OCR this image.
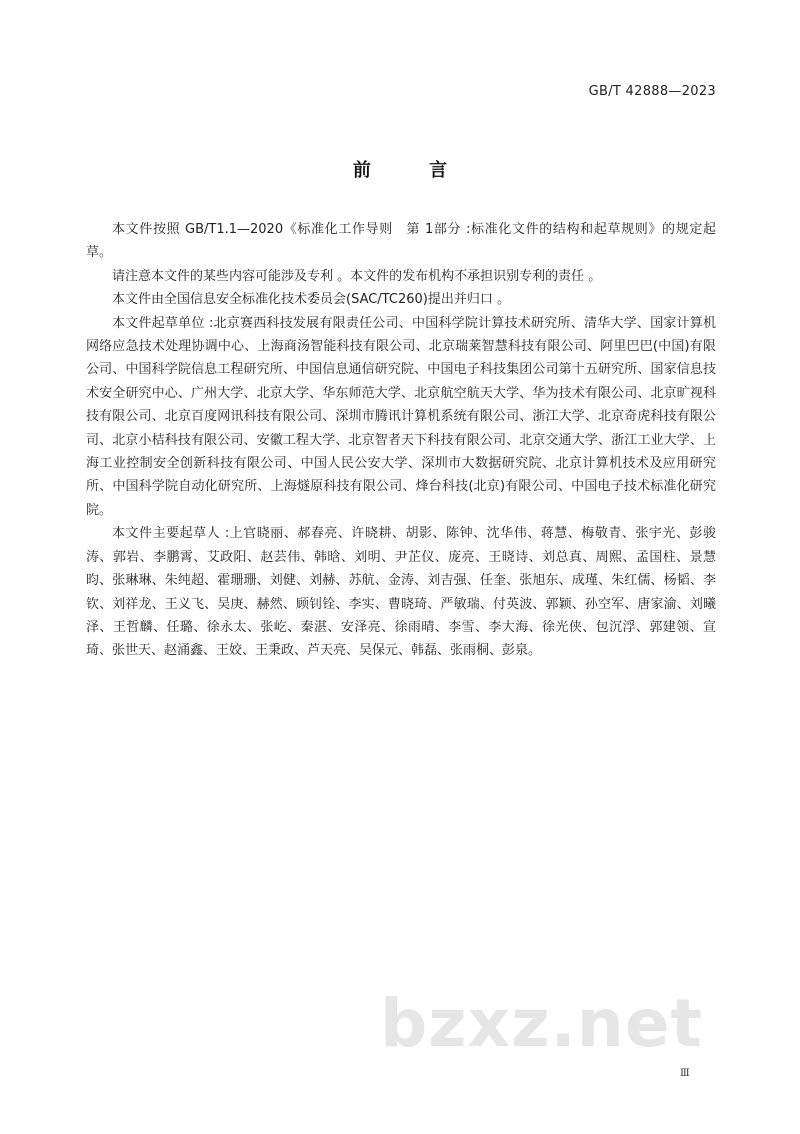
GB/T 42888—2023
前 言

本文件按照 GB/T1.1—2020《标准化工作导则　第 1部分 :标准化文件的结构和起草规则》的规定起草。

请注意本文件的某些内容可能涉及专利 。本文件的发布机构不承担识别专利的责任 。

本文件由全国信息安全标准化技术委员会(SAC/TC260)提出并归口 。

本文件起草单位 :北京赛西科技发展有限责任公司、中国科学院计算技术研究所、清华大学、国家计算机网络应急技术处理协调中心、上海商汤智能科技有限公司、北京瑞莱智慧科技有限公司、阿里巴巴(中国)有限公司、中国科学院信息工程研究所、中国信息通信研究院、中国电子科技集团公司第十五研究所、国家信息技术安全研究中心、广州大学、北京大学、华东师范大学、北京航空航天大学、华为技术有限公司、北京旷视科技有限公司、北京百度网讯科技有限公司、深圳市腾讯计算机系统有限公司、浙江大学、北京奇虎科技有限公司、北京小桔科技有限公司、安徽工程大学、北京智者天下科技有限公司、北京交通大学、浙江工业大学、上海工业控制安全创新科技有限公司、中国人民公安大学、深圳市大数据研究院、北京计算机技术及应用研究所、中国科学院自动化研究所、上海燧原科技有限公司、烽台科技(北京)有限公司、中国电子技术标准化研究院。

本文件主要起草人 :上官晓丽、郝春亮、许晓耕、胡影、陈钟、沈华伟、蒋慧、梅敬青、张宇光、彭骏涛、郭岩、李鹏霄、艾政阳、赵芸伟、韩晗、刘明、尹芷仪、庞亮、王晓诗、刘总真、周熙、孟国柱、景慧昀、张琳琳、朱纯超、霍珊珊、刘健、刘赫、苏航、金涛、刘吉强、任奎、张旭东、成瑾、朱红儒、杨韬、李钦、刘祥龙、王义飞、吴庚、赫然、顾钊铨、李实、曹晓琦、严敏瑞、付英波、郭颖、孙空军、唐家渝、刘曦泽、王哲麟、任璐、徐永太、张屹、秦湛、安泽亮、徐雨晴、李雪、李大海、徐光侠、包沉浮、郭建领、宣琦、张世天、赵涌鑫、王姣、王秉政、芦天亮、吴保元、韩磊、张雨桐、彭泉。

bzxz.net
Ⅲ
